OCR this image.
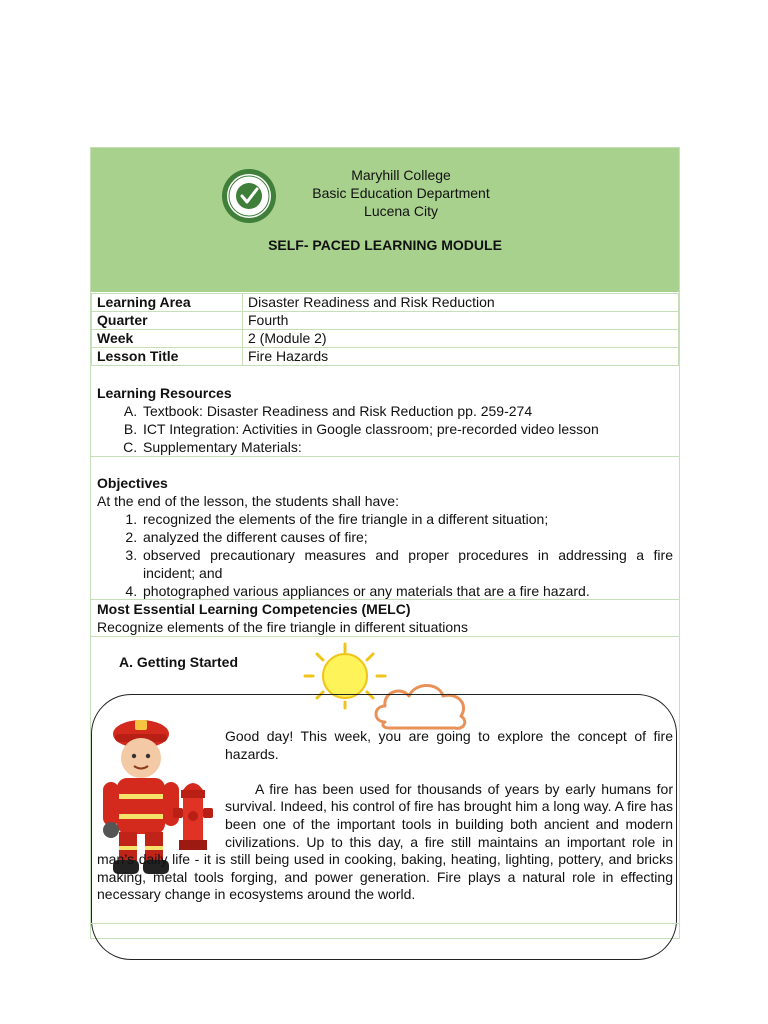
Maryhill College
Basic Education Department
Lucena City
SELF- PACED LEARNING MODULE
Learning Area	Disaster Readiness and Risk Reduction
Quarter	Fourth
Week	2 (Module 2)
Lesson Title	Fire Hazards
Learning Resources
A. Textbook: Disaster Readiness and Risk Reduction pp. 259-274
B. ICT Integration: Activities in Google classroom; pre-recorded video lesson
C. Supplementary Materials:
Objectives
At the end of the lesson, the students shall have:
1. recognized the elements of the fire triangle in a different situation;
2. analyzed the different causes of fire;
3. observed precautionary measures and proper procedures in addressing a fire incident; and
4. photographed various appliances or any materials that are a fire hazard.
Most Essential Learning Competencies (MELC)
Recognize elements of the fire triangle in different situations
A. Getting Started

Good day! This week, you are going to explore the concept of fire hazards.

A fire has been used for thousands of years by early humans for survival. Indeed, his control of fire has brought him a long way. A fire has been one of the important tools in building both ancient and modern civilizations. Up to this day, a fire still maintains an important role in man’s daily life - it is still being used in cooking, baking, heating, lighting, pottery, and bricks making, metal tools forging, and power generation. Fire plays a natural role in effecting necessary change in ecosystems around the world.
